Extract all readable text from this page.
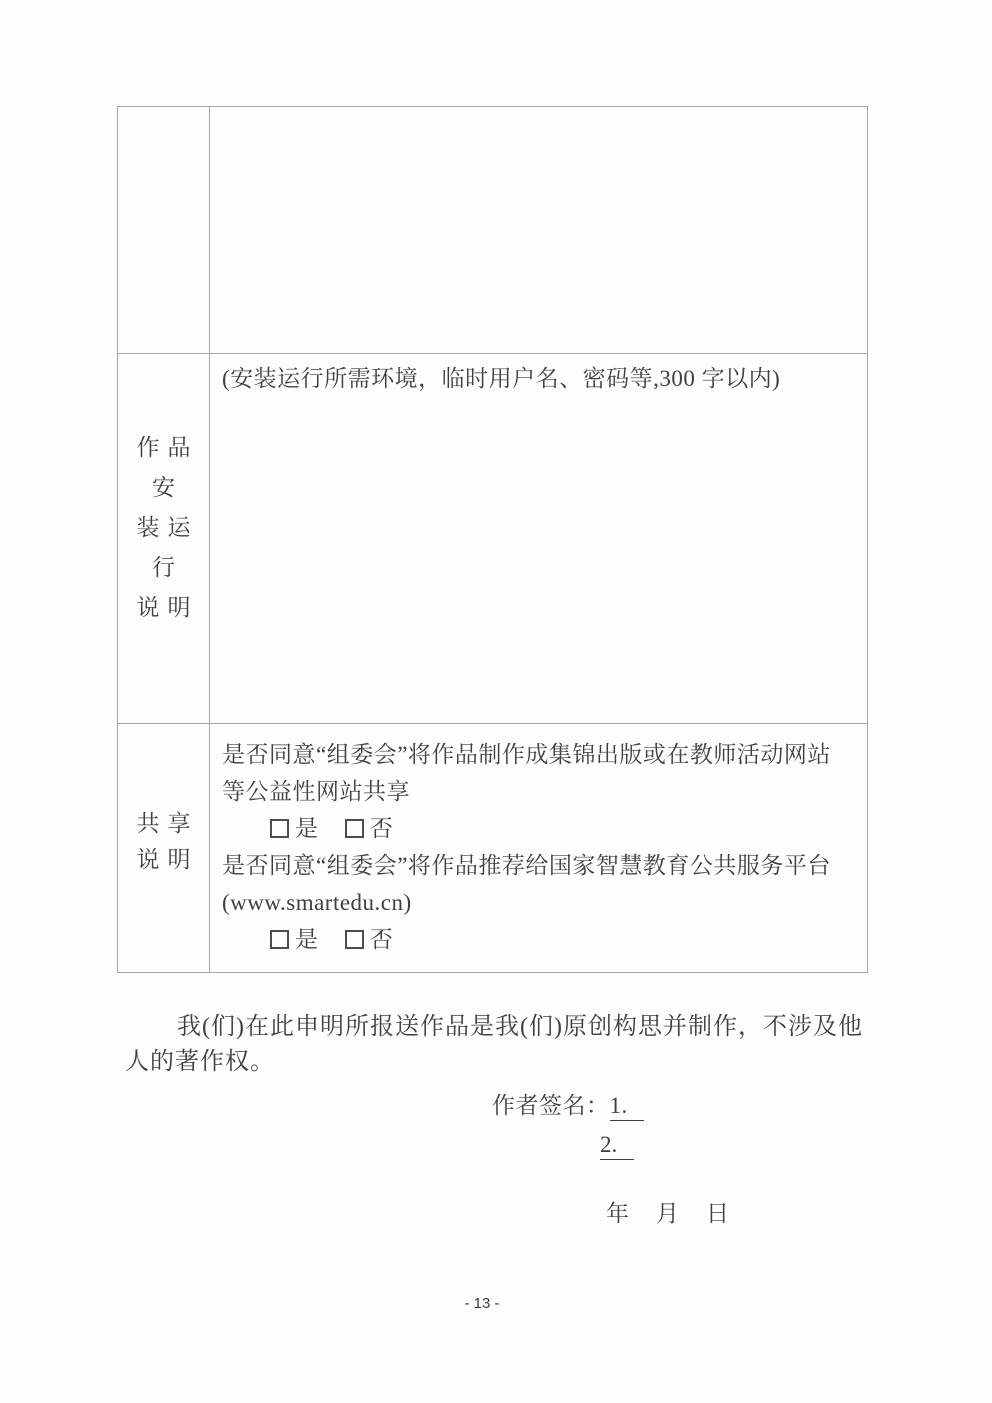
作品安
装运行
说明
(安装运行所需环境，临时用户名、密码等,300 字以内)
共享
说明
是否同意“组委会”将作品制作成集锦出版或在教师活动网站
等公益性网站共享
是 否
是否同意“组委会”将作品推荐给国家智慧教育公共服务平台
(www.smartedu.cn)
是 否
我(们)在此申明所报送作品是我(们)原创构思并制作，不涉及他
人的著作权。
作者签名：1.
2.
年 月 日
- 13 -
